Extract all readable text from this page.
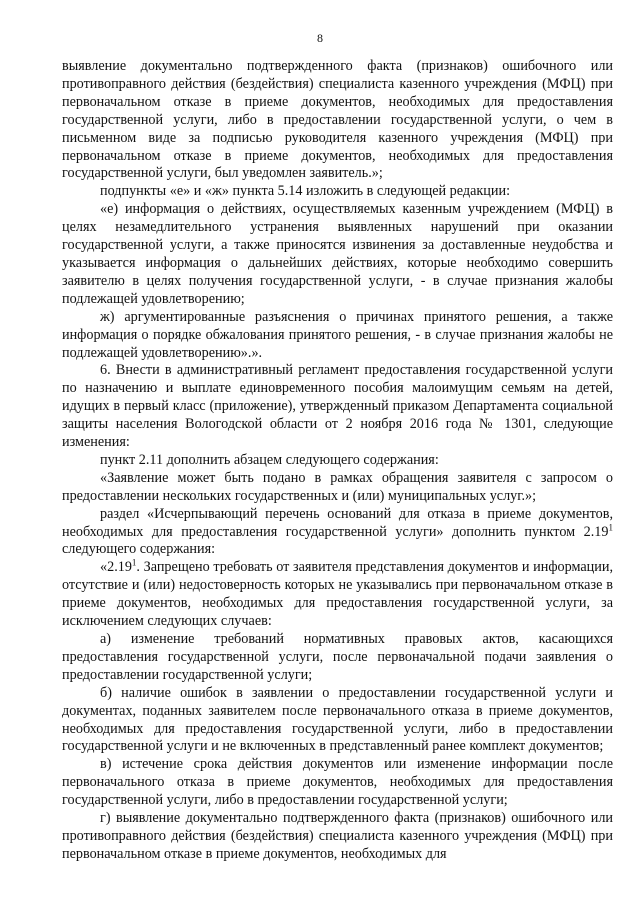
8

выявление документально подтвержденного факта (признаков) ошибочного или противоправного действия (бездействия) специалиста казенного учреждения (МФЦ) при первоначальном отказе в приеме документов, необходимых для предоставления государственной услуги, либо в предоставлении государственной услуги, о чем в письменном виде за подписью руководителя казенного учреждения (МФЦ) при первоначальном отказе в приеме документов, необходимых для предоставления государственной услуги, был уведомлен заявитель.»;

подпункты «е» и «ж» пункта 5.14 изложить в следующей редакции:

«е) информация о действиях, осуществляемых казенным учреждением (МФЦ) в целях незамедлительного устранения выявленных нарушений при оказании государственной услуги, а также приносятся извинения за доставленные неудобства и указывается информация о дальнейших действиях, которые необходимо совершить заявителю в целях получения государственной услуги, - в случае признания жалобы подлежащей удовлетворению;

ж) аргументированные разъяснения о причинах принятого решения, а также информация о порядке обжалования принятого решения, - в случае признания жалобы не подлежащей удовлетворению».».

6. Внести в административный регламент предоставления государственной услуги по назначению и выплате единовременного пособия малоимущим семьям на детей, идущих в первый класс (приложение), утвержденный приказом Департамента социальной защиты населения Вологодской области от 2 ноября 2016 года № 1301, следующие изменения:

пункт 2.11 дополнить абзацем следующего содержания:

«Заявление может быть подано в рамках обращения заявителя с запросом о предоставлении нескольких государственных и (или) муниципальных услуг.»;

раздел «Исчерпывающий перечень оснований для отказа в приеме документов, необходимых для предоставления государственной услуги» дополнить пунктом 2.19$^1$ следующего содержания:

«2.19$^1$. Запрещено требовать от заявителя представления документов и информации, отсутствие и (или) недостоверность которых не указывались при первоначальном отказе в приеме документов, необходимых для предоставления государственной услуги, за исключением следующих случаев:

а) изменение требований нормативных правовых актов, касающихся предоставления государственной услуги, после первоначальной подачи заявления о предоставлении государственной услуги;

б) наличие ошибок в заявлении о предоставлении государственной услуги и документах, поданных заявителем после первоначального отказа в приеме документов, необходимых для предоставления государственной услуги, либо в предоставлении государственной услуги и не включенных в представленный ранее комплект документов;

в) истечение срока действия документов или изменение информации после первоначального отказа в приеме документов, необходимых для предоставления государственной услуги, либо в предоставлении государственной услуги;

г) выявление документально подтвержденного факта (признаков) ошибочного или противоправного действия (бездействия) специалиста казенного учреждения (МФЦ) при первоначальном отказе в приеме документов, необходимых для
